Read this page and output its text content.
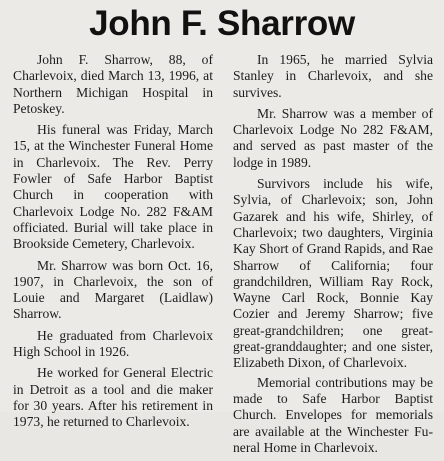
John F. Sharrow

John F. Sharrow, 88, of Charlevoix, died March 13, 1996, at Northern Michigan Hospital in Petoskey.

His funeral was Friday, March 15, at the Winchester Funeral Home in Charlevoix. The Rev. Perry Fowler of Safe Harbor Baptist Church in cooperation with Charlevoix Lodge No. 282 F&AM officiated. Burial will take place in Brookside Cemetery, Charlevoix.

Mr. Sharrow was born Oct. 16, 1907, in Charlevoix, the son of Louie and Margaret (Laidlaw) Sharrow.

He graduated from Charlevoix High School in 1926.

He worked for General Electric in Detroit as a tool and die maker for 30 years. After his retirement in 1973, he returned to Charlevoix.

In 1965, he married Sylvia Stanley in Charlevoix, and she survives.

Mr. Sharrow was a member of Charlevoix Lodge No 282 F&AM, and served as past master of the lodge in 1989.

Survivors include his wife, Sylvia, of Charlevoix; son, John Gazarek and his wife, Shirley, of Charlevoix; two daughters, Virginia Kay Short of Grand Rapids, and Rae Sharrow of California; four grandchildren, William Ray Rock, Wayne Carl Rock, Bonnie Kay Cozier and Jeremy Sharrow; five great-grandchildren; one great-great-granddaughter; and one sister, Elizabeth Dixon, of Charlevoix.

Memorial contributions may be made to Safe Harbor Baptist Church. Envelopes for memorials are available at the Winchester Funeral Home in Charlevoix.
